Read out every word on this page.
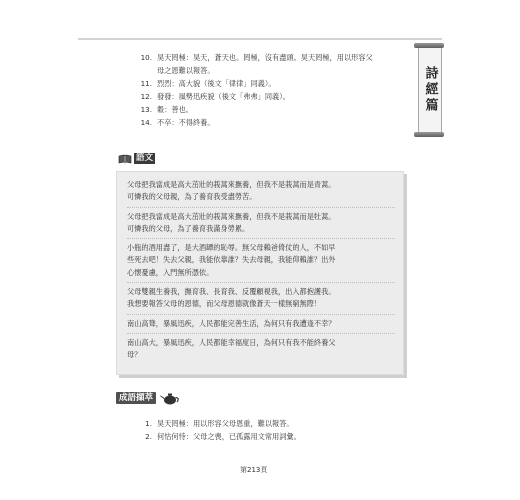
10. 昊天罔極：昊天，蒼天也。罔極，沒有盡頭。昊天罔極，用以形容父
母之恩難以報答。
11. 烈烈：高大貌（後文「律律」同義）。
12. 發發：風勢迅疾貌（後文「弗弗」同義）。
13. 穀：善也。
14. 不卒：不得終養。
詩經篇
語文
父母把我當成是高大茁壯的莪蒿來撫養，但我不是莪蒿而是青蒿。
可憐我的父母親，為了養育我受盡勞苦。
父母把我當成是高大茁壯的莪蒿來撫養，但我不是莪蒿而是牡蒿。
可憐我的父母，為了養育我滿身勞累。
小瓶的酒用盡了，是大酒罈的恥辱。無父母賴爸倚仗的人，不如早
些死去吧！失去父親，我能依靠誰？失去母親，我能仰賴誰？出外
心懷憂慮，入門無所憑依。
父母雙親生養我，撫育我、長育我、反覆顧視我，出入都抱護我。
我想要報答父母的恩德，而父母恩德就像蒼天一樣無窮無際！
南山高聳，暴風迅疾，人民都能完善生活，為何只有我遭逢不幸？
南山高大，暴風迅疾，人民都能幸福度日，為何只有我不能終養父
母？
成語擷萃
1. 昊天罔極：用以形容父母恩重，難以報答。
2. 何怙何恃：父母之喪，已孤露用文常用詞彙。
第213頁
